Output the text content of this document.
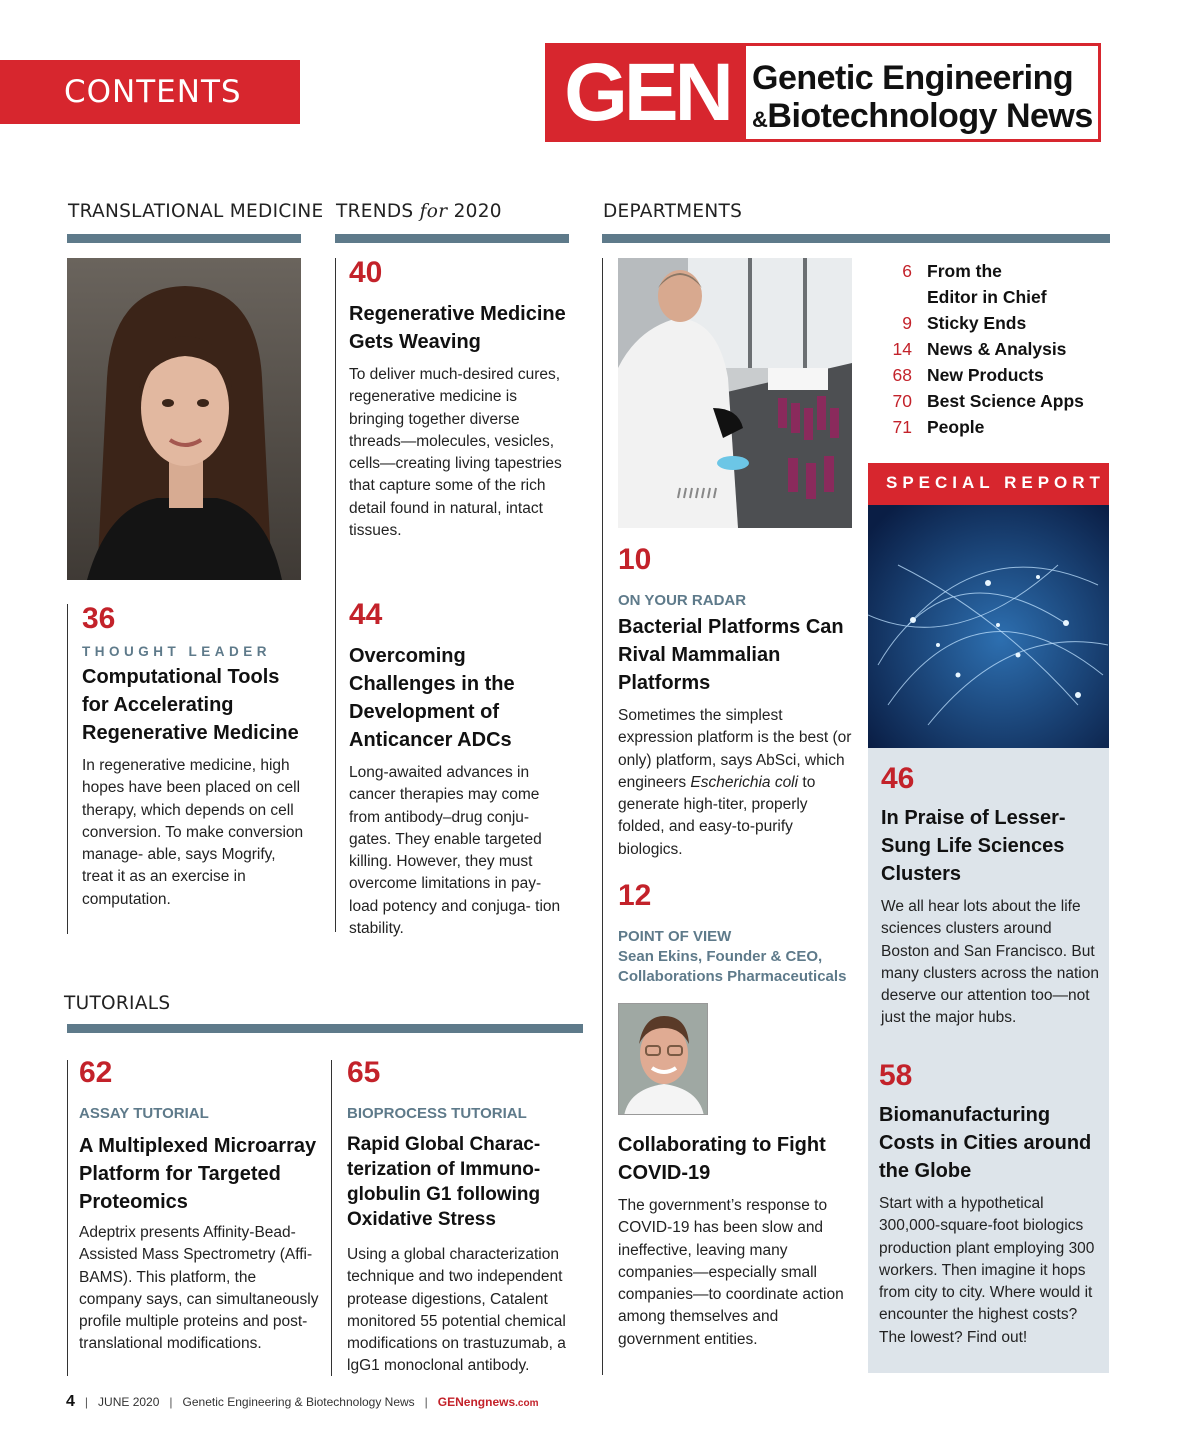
CONTENTS	GEN Genetic Engineering
&Biotechnology News
TRANSLATIONAL MEDICINE TRENDS for 2020	DEPARTMENTS
36
THOUGHT LEADER
Computational Tools for Accelerating Regenerative Medicine
In regenerative medicine, high hopes have been placed on cell therapy, which depends on cell conversion. To make conversion manage- able, says Mogrify, treat it as an exercise in computation.
40
Regenerative Medicine Gets Weaving
To deliver much-desired cures, regenerative medicine is bringing together diverse threads—molecules, vesicles, cells—creating living tapestries that capture some of the rich detail found in natural, intact tissues.
44
Overcoming Challenges in the Development of Anticancer ADCs
Long-awaited advances in cancer therapies may come from antibody–drug conju- gates. They enable targeted killing. However, they must overcome limitations in pay- load potency and conjuga- tion stability.
10
ON YOUR RADAR
Bacterial Platforms Can Rival Mammalian Platforms
Sometimes the simplest expression platform is the best (or only) platform, says AbSci, which engineers Escherichia coli to generate high-titer, properly folded, and easy-to-purify biologics.
12
POINT OF VIEW
Sean Ekins, Founder & CEO, Collaborations Pharmaceuticals
Collaborating to Fight COVID-19
The government’s response to COVID-19 has been slow and ineffective, leaving many companies—especially small companies—to coordinate action among themselves and government entities.
6 From the
Editor in Chief
9 Sticky Ends
14 News & Analysis
68 New Products
70 Best Science Apps
71 People
SPECIAL REPORT
46
In Praise of Lesser-Sung Life Sciences Clusters
We all hear lots about the life sciences clusters around Boston and San Francisco. But many clusters across the nation deserve our attention too—not just the major hubs.
58
Biomanufacturing Costs in Cities around the Globe
Start with a hypothetical 300,000-square-foot biologics production plant employing 300 workers. Then imagine it hops from city to city. Where would it encounter the highest costs? The lowest? Find out!
TUTORIALS
62
ASSAY TUTORIAL
A Multiplexed Microarray Platform for Targeted Proteomics
Adeptrix presents Affinity-Bead-Assisted Mass Spectrometry (Affi-BAMS). This platform, the company says, can simultaneously profile multiple proteins and post-translational modifications.
65
BIOPROCESS TUTORIAL
Rapid Global Charac- terization of Immuno- globulin G1 following Oxidative Stress
Using a global characterization technique and two independent protease digestions, Catalent monitored 55 potential chemical modifications on trastuzumab, a lgG1 monoclonal antibody.
4 | JUNE 2020 | Genetic Engineering & Biotechnology News | GENengnews.com
